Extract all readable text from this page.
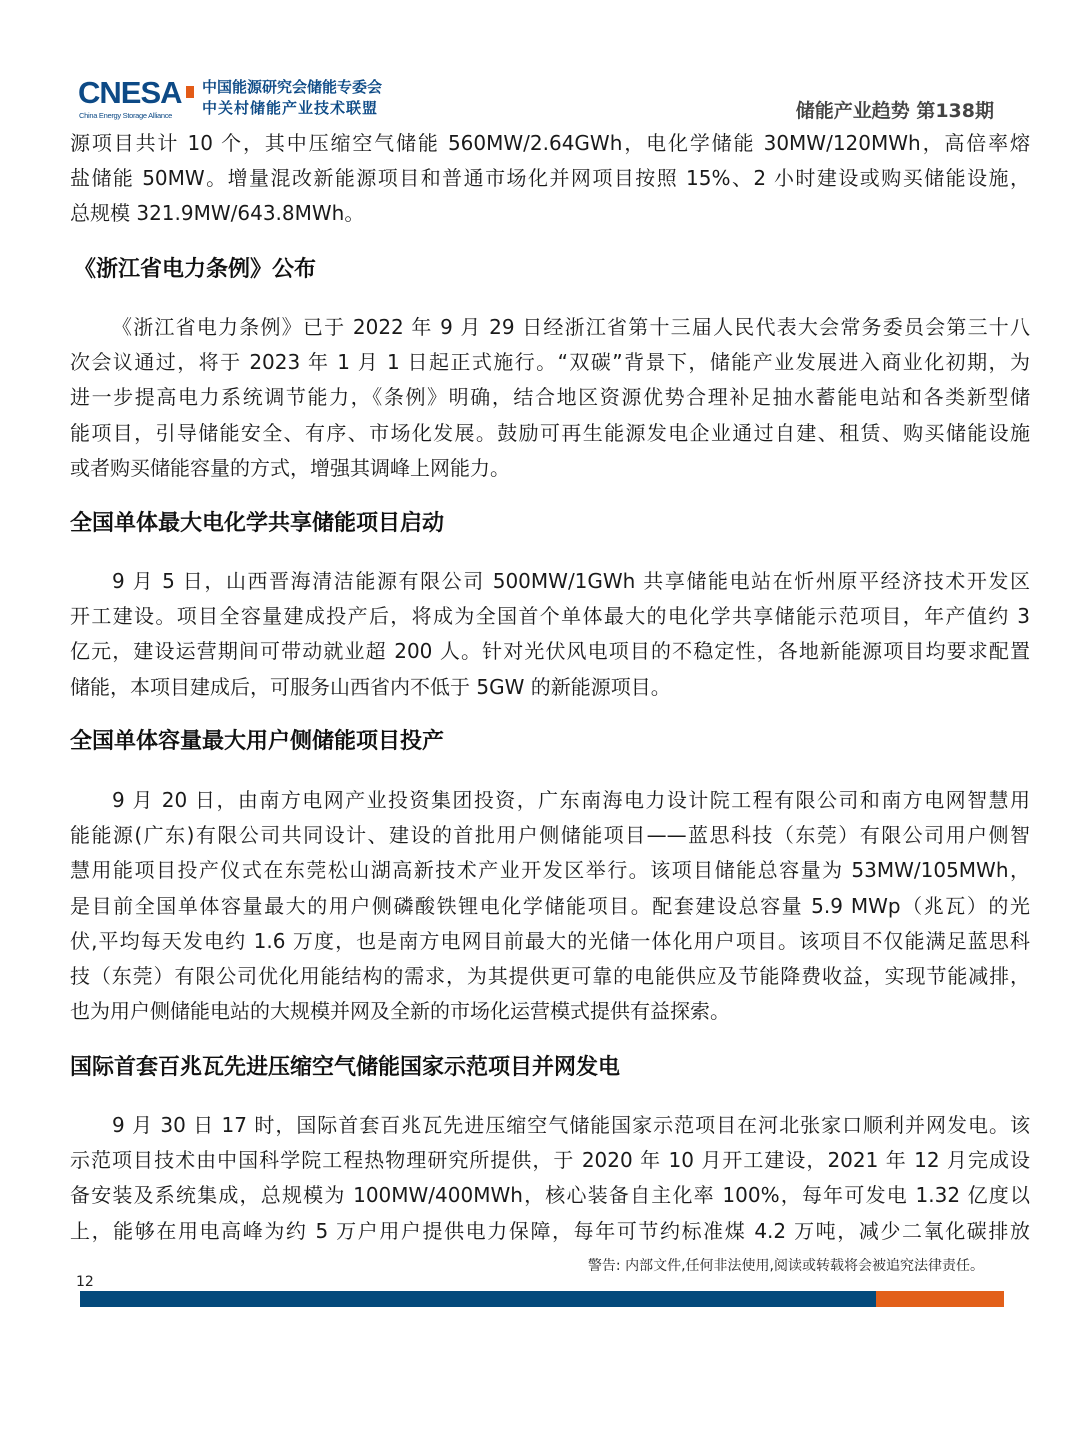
CNESA
China Energy Storage Alliance
中国能源研究会储能专委会
中关村储能产业技术联盟	储能产业趋势 第138期
源项目共计 10 个，其中压缩空气储能 560MW/2.64GWh，电化学储能 30MW/120MWh，高倍率熔
盐储能 50MW。增量混改新能源项目和普通市场化并网项目按照 15%、2 小时建设或购买储能设施，
总规模 321.9MW/643.8MWh。
《浙江省电力条例》公布
《浙江省电力条例》已于 2022 年 9 月 29 日经浙江省第十三届人民代表大会常务委员会第三十八
次会议通过，将于 2023 年 1 月 1 日起正式施行。“双碳”背景下，储能产业发展进入商业化初期，为
进一步提高电力系统调节能力，《条例》明确，结合地区资源优势合理补足抽水蓄能电站和各类新型储
能项目，引导储能安全、有序、市场化发展。鼓励可再生能源发电企业通过自建、租赁、购买储能设施
或者购买储能容量的方式，增强其调峰上网能力。
全国单体最大电化学共享储能项目启动
9 月 5 日，山西晋海清洁能源有限公司 500MW/1GWh 共享储能电站在忻州原平经济技术开发区
开工建设。项目全容量建成投产后，将成为全国首个单体最大的电化学共享储能示范项目，年产值约 3
亿元，建设运营期间可带动就业超 200 人。针对光伏风电项目的不稳定性，各地新能源项目均要求配置
储能，本项目建成后，可服务山西省内不低于 5GW 的新能源项目。
全国单体容量最大用户侧储能项目投产
9 月 20 日，由南方电网产业投资集团投资，广东南海电力设计院工程有限公司和南方电网智慧用
能能源(广东)有限公司共同设计、建设的首批用户侧储能项目——蓝思科技（东莞）有限公司用户侧智
慧用能项目投产仪式在东莞松山湖高新技术产业开发区举行。该项目储能总容量为 53MW/105MWh，
是目前全国单体容量最大的用户侧磷酸铁锂电化学储能项目。配套建设总容量 5.9 MWp（兆瓦）的光
伏,平均每天发电约 1.6 万度，也是南方电网目前最大的光储一体化用户项目。该项目不仅能满足蓝思科
技（东莞）有限公司优化用能结构的需求，为其提供更可靠的电能供应及节能降费收益，实现节能减排，
也为用户侧储能电站的大规模并网及全新的市场化运营模式提供有益探索。
国际首套百兆瓦先进压缩空气储能国家示范项目并网发电
9 月 30 日 17 时，国际首套百兆瓦先进压缩空气储能国家示范项目在河北张家口顺利并网发电。该
示范项目技术由中国科学院工程热物理研究所提供，于 2020 年 10 月开工建设，2021 年 12 月完成设
备安装及系统集成，总规模为 100MW/400MWh，核心装备自主化率 100%，每年可发电 1.32 亿度以
上，能够在用电高峰为约 5 万户用户提供电力保障，每年可节约标准煤 4.2 万吨，减少二氧化碳排放
警告: 内部文件,任何非法使用,阅读或转载将会被追究法律责任。
12
